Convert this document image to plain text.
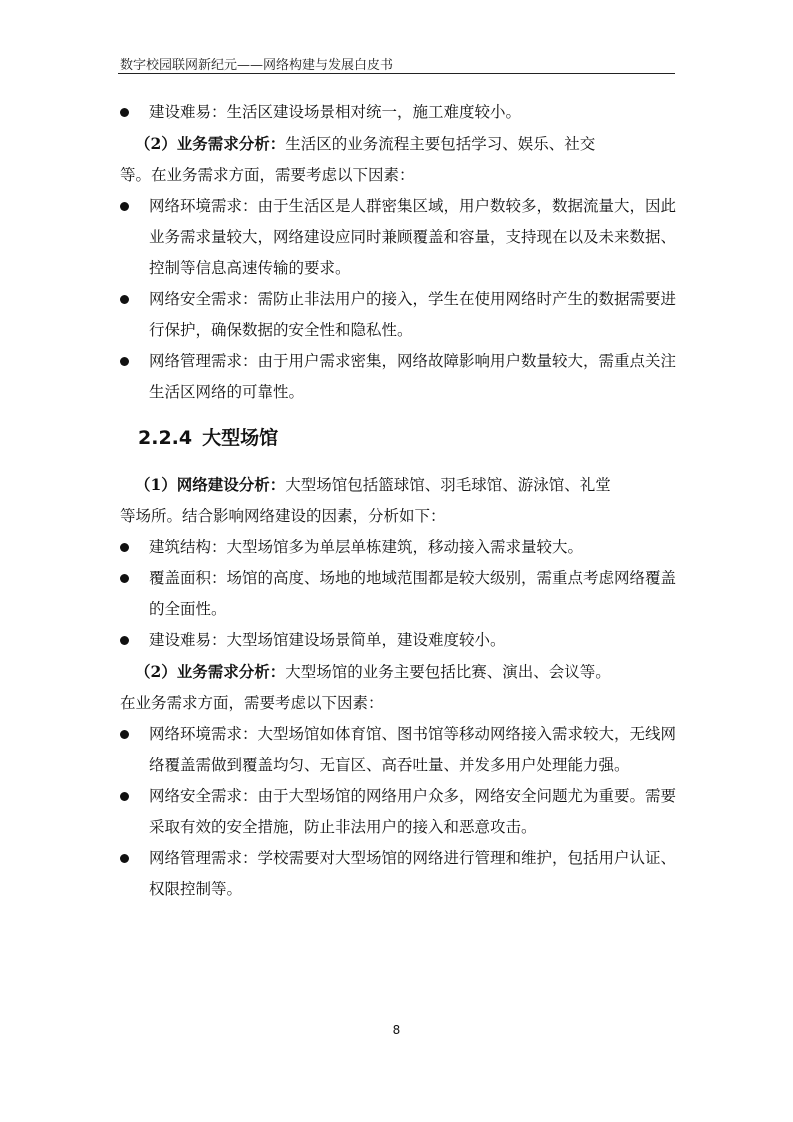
数字校园联网新纪元——网络构建与发展白皮书
建设难易：生活区建设场景相对统一，施工难度较小。

（2）业务需求分析：生活区的业务流程主要包括学习、娱乐、社交

等。在业务需求方面，需要考虑以下因素：

网络环境需求：由于生活区是人群密集区域，用户数较多，数据流量大，因此业务需求量较大，网络建设应同时兼顾覆盖和容量，支持现在以及未来数据、控制等信息高速传输的要求。
网络安全需求：需防止非法用户的接入，学生在使用网络时产生的数据需要进行保护，确保数据的安全性和隐私性。
网络管理需求：由于用户需求密集，网络故障影响用户数量较大，需重点关注生活区网络的可靠性。
2.2.4 大型场馆

（1）网络建设分析：大型场馆包括篮球馆、羽毛球馆、游泳馆、礼堂

等场所。结合影响网络建设的因素，分析如下：

建筑结构：大型场馆多为单层单栋建筑，移动接入需求量较大。
覆盖面积：场馆的高度、场地的地域范围都是较大级别，需重点考虑网络覆盖的全面性。
建设难易：大型场馆建设场景简单，建设难度较小。

（2）业务需求分析：大型场馆的业务主要包括比赛、演出、会议等。

在业务需求方面，需要考虑以下因素：

网络环境需求：大型场馆如体育馆、图书馆等移动网络接入需求较大，无线网络覆盖需做到覆盖均匀、无盲区、高吞吐量、并发多用户处理能力强。
网络安全需求：由于大型场馆的网络用户众多，网络安全问题尤为重要。需要采取有效的安全措施，防止非法用户的接入和恶意攻击。
网络管理需求：学校需要对大型场馆的网络进行管理和维护，包括用户认证、权限控制等。
8
